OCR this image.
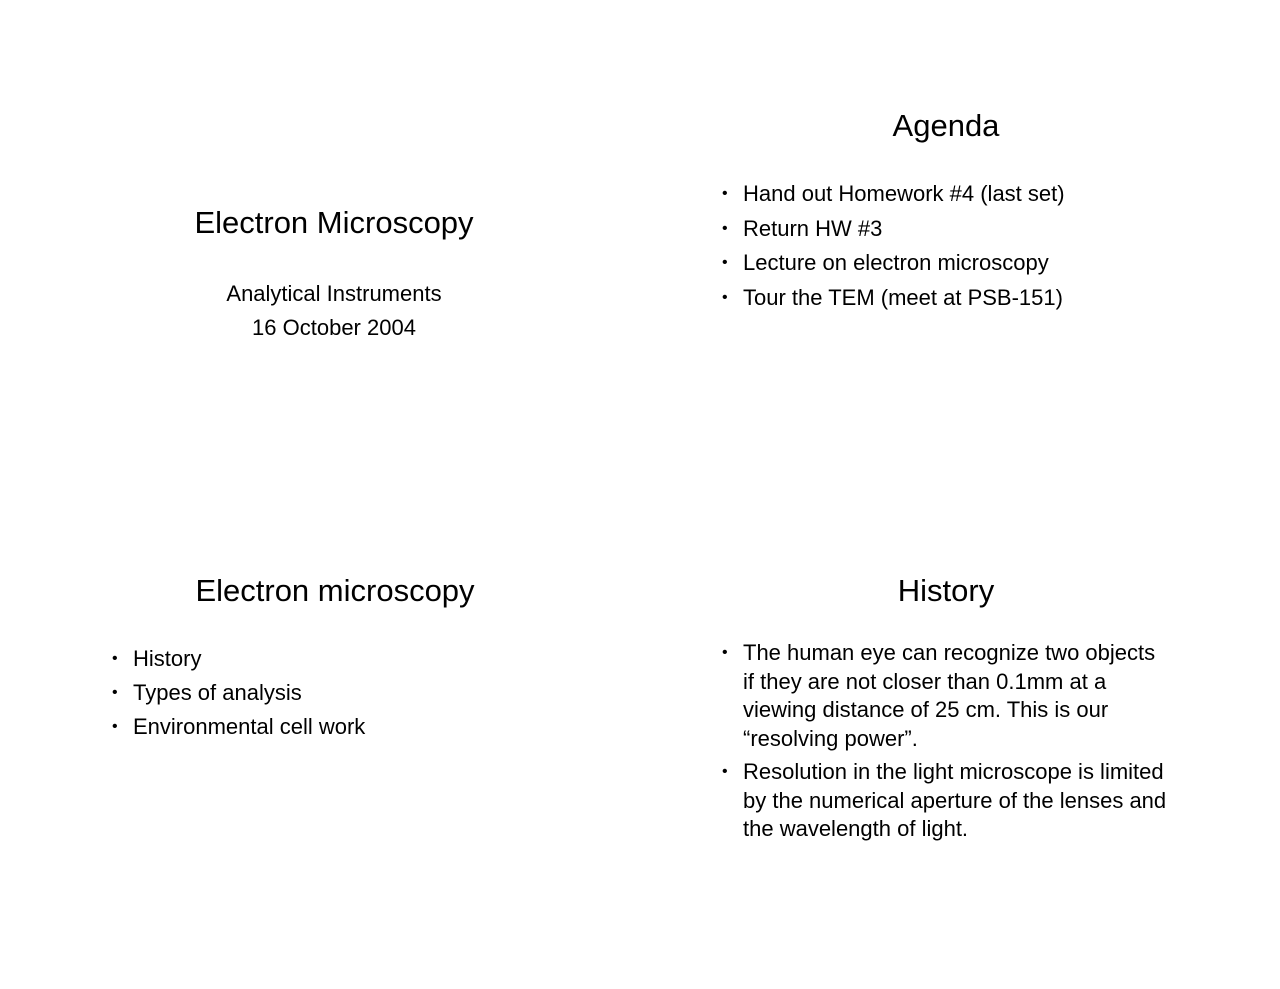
Electron Microscopy
Analytical Instruments
16 October 2004
Agenda
• Hand out Homework #4 (last set)
• Return HW #3
• Lecture on electron microscopy
• Tour the TEM (meet at PSB-151)
Electron microscopy
• History
• Types of analysis
• Environmental cell work
History
• The human eye can recognize two objects if they are not closer than 0.1mm at a viewing distance of 25 cm. This is our “resolving power”.
• Resolution in the light microscope is limited by the numerical aperture of the lenses and the wavelength of light.
